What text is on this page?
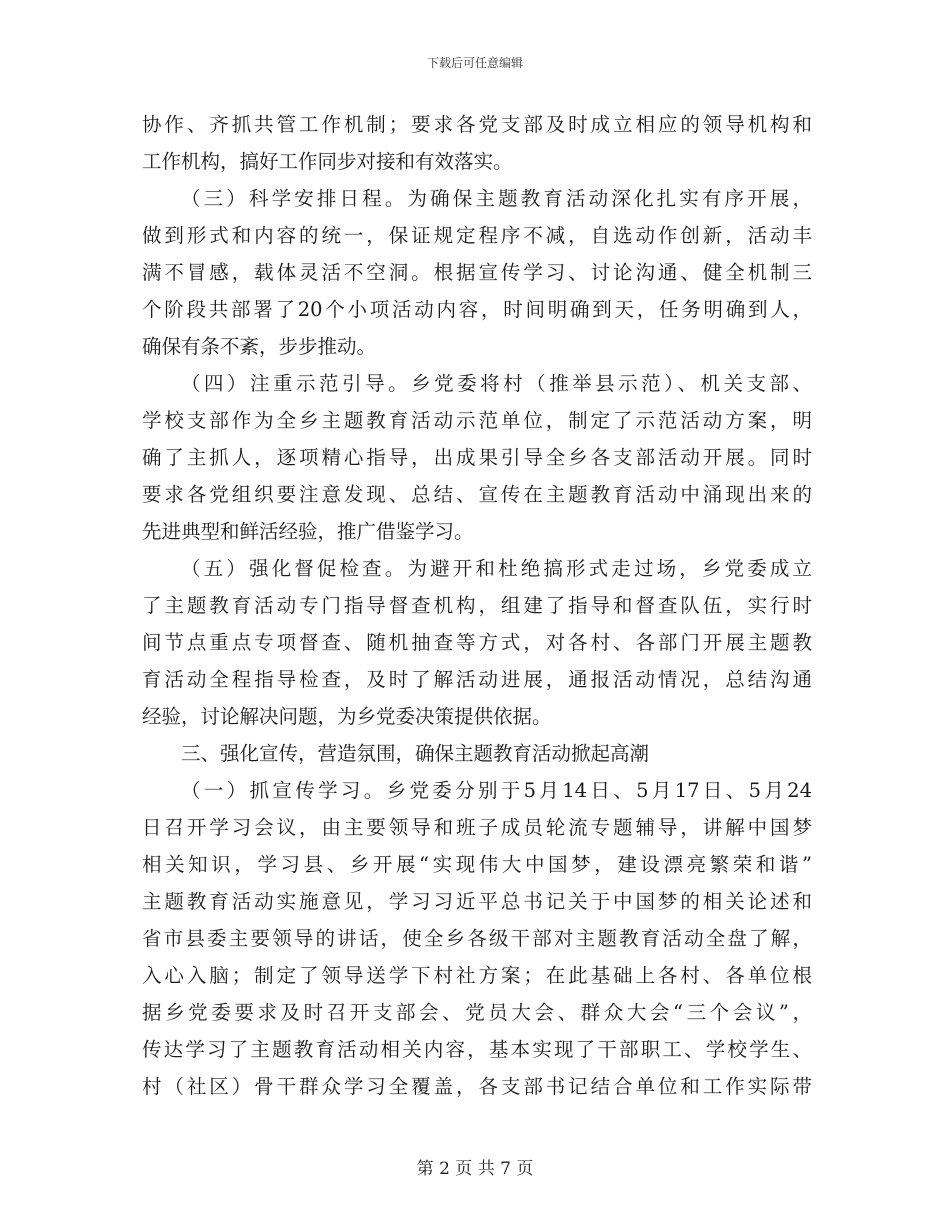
下载后可任意编辑
协作、齐抓共管工作机制；要求各党支部及时成立相应的领导机构和
工作机构，搞好工作同步对接和有效落实。
（三）科学安排日程。为确保主题教育活动深化扎实有序开展，
做到形式和内容的统一，保证规定程序不减，自选动作创新，活动丰
满不冒感，载体灵活不空洞。根据宣传学习、讨论沟通、健全机制三
个阶段共部署了20个小项活动内容，时间明确到天，任务明确到人，
确保有条不紊，步步推动。
（四）注重示范引导。乡党委将村（推举县示范）、机关支部、
学校支部作为全乡主题教育活动示范单位，制定了示范活动方案，明
确了主抓人，逐项精心指导，出成果引导全乡各支部活动开展。同时
要求各党组织要注意发现、总结、宣传在主题教育活动中涌现出来的
先进典型和鲜活经验，推广借鉴学习。
（五）强化督促检查。为避开和杜绝搞形式走过场，乡党委成立
了主题教育活动专门指导督查机构，组建了指导和督查队伍，实行时
间节点重点专项督查、随机抽查等方式，对各村、各部门开展主题教
育活动全程指导检查，及时了解活动进展，通报活动情况，总结沟通
经验，讨论解决问题，为乡党委决策提供依据。
三、强化宣传，营造氛围，确保主题教育活动掀起高潮
（一）抓宣传学习。乡党委分别于5月14日、5月17日、5月24
日召开学习会议，由主要领导和班子成员轮流专题辅导，讲解中国梦
相关知识，学习县、乡开展“实现伟大中国梦，建设漂亮繁荣和谐”
主题教育活动实施意见，学习习近平总书记关于中国梦的相关论述和
省市县委主要领导的讲话，使全乡各级干部对主题教育活动全盘了解，
入心入脑；制定了领导送学下村社方案；在此基础上各村、各单位根
据乡党委要求及时召开支部会、党员大会、群众大会“三个会议”，
传达学习了主题教育活动相关内容，基本实现了干部职工、学校学生、
村（社区）骨干群众学习全覆盖，各支部书记结合单位和工作实际带
第 2 页 共 7 页
